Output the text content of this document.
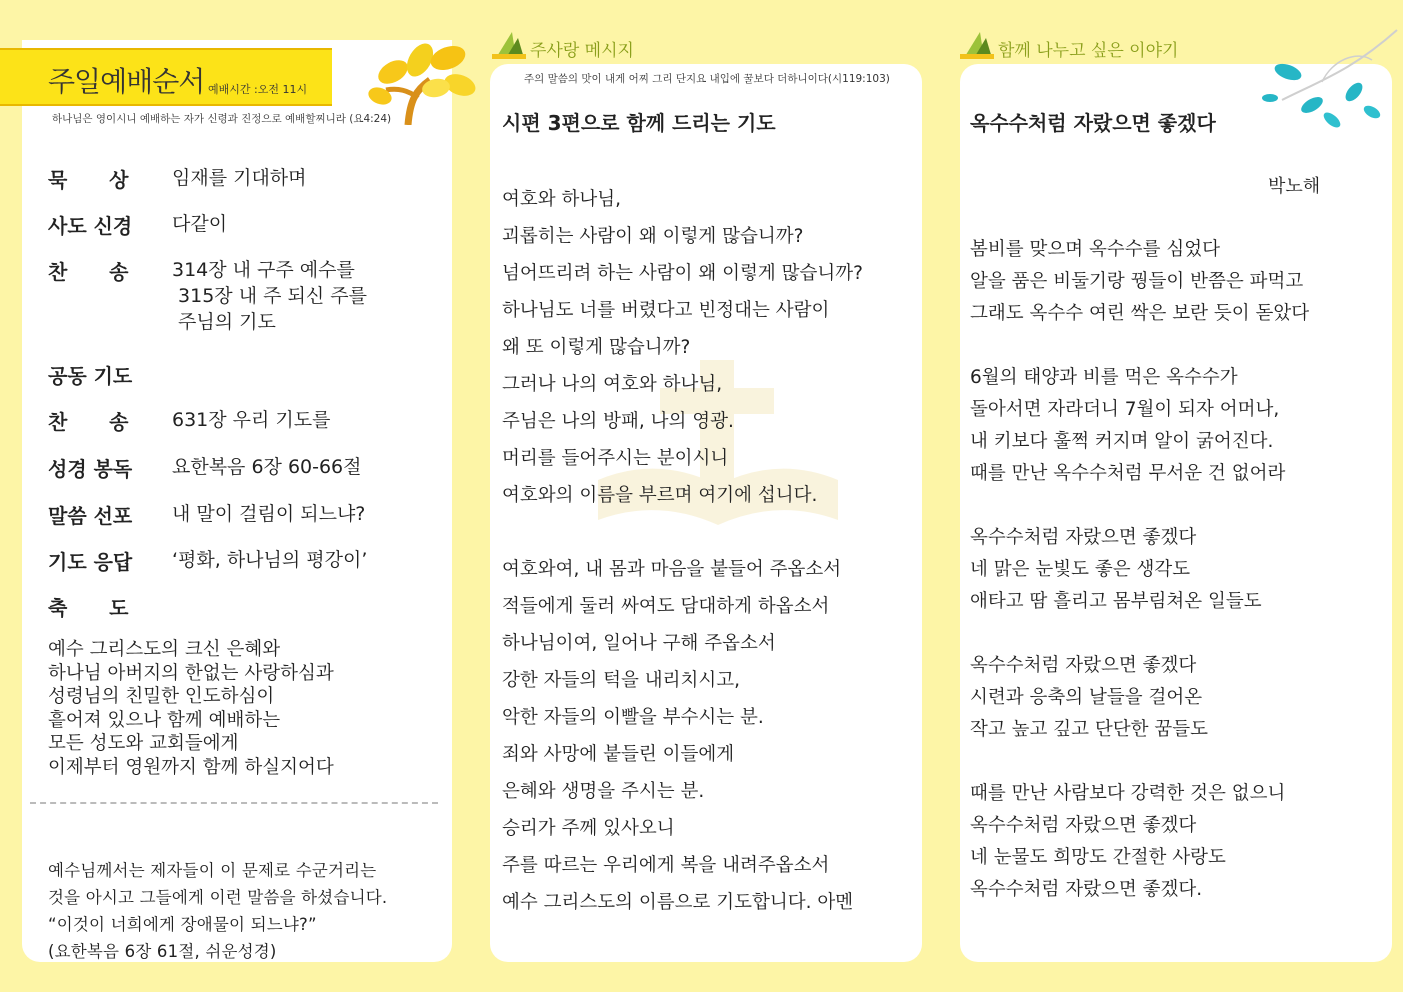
주일예배순서 예배시간 :오전 11시
하나님은 영이시니 예배하는 자가 신령과 진정으로 예배할찌니라 (요4:24)
묵      상	임재를 기대하며
사도 신경	다같이
찬      송	314장 내 구주 예수를
315장 내 주 되신 주를
주님의 기도
공동 기도
찬      송	631장 우리 기도를
성경 봉독	요한복음 6장 60-66절
말씀 선포	내 말이 걸림이 되느냐?
기도 응답	‘평화, 하나님의 평강이’
축      도
예수 그리스도의 크신 은혜와
하나님 아버지의 한없는 사랑하심과
성령님의 친밀한 인도하심이
흩어져 있으나 함께 예배하는
모든 성도와 교회들에게
이제부터 영원까지 함께 하실지어다
예수님께서는 제자들이 이 문제로 수군거리는
것을 아시고 그들에게 이런 말씀을 하셨습니다.
“이것이 너희에게 장애물이 되느냐?”
(요한복음 6장 61절, 쉬운성경)
주사랑 메시지
주의 말씀의 맛이 내게 어찌 그리 단지요 내입에 꿀보다 더하니이다(시119:103)
시편 3편으로 함께 드리는 기도
여호와 하나님,
괴롭히는 사람이 왜 이렇게 많습니까?
넘어뜨리려 하는 사람이 왜 이렇게 많습니까?
하나님도 너를 버렸다고 빈정대는 사람이
왜 또 이렇게 많습니까?
그러나 나의 여호와 하나님,
주님은 나의 방패, 나의 영광.
머리를 들어주시는 분이시니
여호와의 이름을 부르며 여기에 섭니다.
여호와여, 내 몸과 마음을 붙들어 주옵소서
적들에게 둘러 싸여도 담대하게 하옵소서
하나님이여, 일어나 구해 주옵소서
강한 자들의 턱을 내리치시고,
악한 자들의 이빨을 부수시는 분.
죄와 사망에 붙들린 이들에게
은혜와 생명을 주시는 분.
승리가 주께 있사오니
주를 따르는 우리에게 복을 내려주옵소서
예수 그리스도의 이름으로 기도합니다. 아멘
함께 나누고 싶은 이야기
옥수수처럼 자랐으면 좋겠다
박노해
봄비를 맞으며 옥수수를 심었다
알을 품은 비둘기랑 꿩들이 반쯤은 파먹고
그래도 옥수수 여린 싹은 보란 듯이 돋았다
6월의 태양과 비를 먹은 옥수수가
돌아서면 자라더니 7월이 되자 어머나,
내 키보다 훌쩍 커지며 알이 굵어진다.
때를 만난 옥수수처럼 무서운 건 없어라
옥수수처럼 자랐으면 좋겠다
네 맑은 눈빛도 좋은 생각도
애타고 땀 흘리고 몸부림쳐온 일들도
옥수수처럼 자랐으면 좋겠다
시련과 응축의 날들을 걸어온
작고 높고 깊고 단단한 꿈들도
때를 만난 사람보다 강력한 것은 없으니
옥수수처럼 자랐으면 좋겠다
네 눈물도 희망도 간절한 사랑도
옥수수처럼 자랐으면 좋겠다.
